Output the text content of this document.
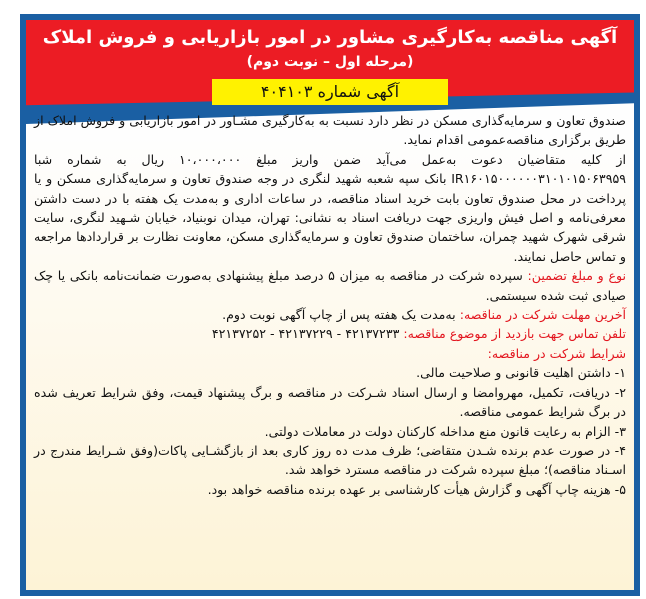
آگهی مناقصه به‌کارگیری مشاور در امور بازاریابی و فروش املاک
(مرحله اول – نوبت دوم)
آگهی شماره ۴۰۴۱۰۳

صندوق تعاون و سرمایه‌گذاری مسکن در نظر دارد نسبت به به‌کارگیری مشـاور در امور بازاریابی و فروش املاک از طریق برگزاری مناقصه‌عمومی اقدام نماید.

از کلیه متقاضیان دعوت به‌عمل می‌آید ضمن واریز مبلغ ۱۰،۰۰۰،۰۰۰ ریال به شماره شبا IR۱۶۰۱۵۰۰۰۰۰۰۳۱۰۱۰۱۵۰۶۳۹۵۹ بانک سپه شعبه شهید لنگری در وجه صندوق تعاون و سرمایه‌گذاری مسکن و یا پرداخت در محل صندوق تعاون بابت خرید اسناد مناقصه، در ساعات اداری و به‌مدت یک هفته با در دست داشتن معرفی‌نامه و اصل فیش واریزی جهت دریافت اسناد به نشانی: تهران، میدان نوبنیاد، خیابان شـهید لنگری، سایت شرقی شهرک شهید چمران، ساختمان صندوق تعاون و سرمایه‌گذاری مسکن، معاونت نظارت بر قراردادها مراجعه و تماس حاصل نمایند.

نوع و مبلغ تضمین: سپرده شرکت در مناقصه به میزان ۵ درصد مبلغ پیشنهادی به‌صورت ضمانت‌نامه بانکی یا چک صیادی ثبت شده سیستمی.

آخرین مهلت شرکت در مناقصه: به‌مدت یک هفته پس از چاپ آگهی نوبت دوم.

تلفن تماس جهت بازدید از موضوع مناقصه: ۴۲۱۳۷۲۳۳ - ۴۲۱۳۷۲۲۹ - ۴۲۱۳۷۲۵۲

شرایط شرکت در مناقصه:

۱- داشتن اهلیت قانونی و صلاحیت مالی.

۲- دریافت، تکمیل، مهروامضا و ارسال اسناد شـرکت در مناقصه و برگ پیشنهاد قیمت، وفق شرایط تعریف شده در برگ شرایط عمومی مناقصه.

۳- الزام به رعایت قانون منع مداخله کارکنان دولت در معاملات دولتی.

۴- در صورت عدم برنده شـدن متقاضی؛ ظرف مدت ده روز کاری بعد از بازگشـایی پاکات(وفق شـرایط مندرج در اسـناد مناقصه)؛ مبلغ سپرده شرکت در مناقصه مسترد خواهد شد.

۵- هزینه چاپ آگهی و گزارش هیأت کارشناسی بر عهده برنده مناقصه خواهد بود.
